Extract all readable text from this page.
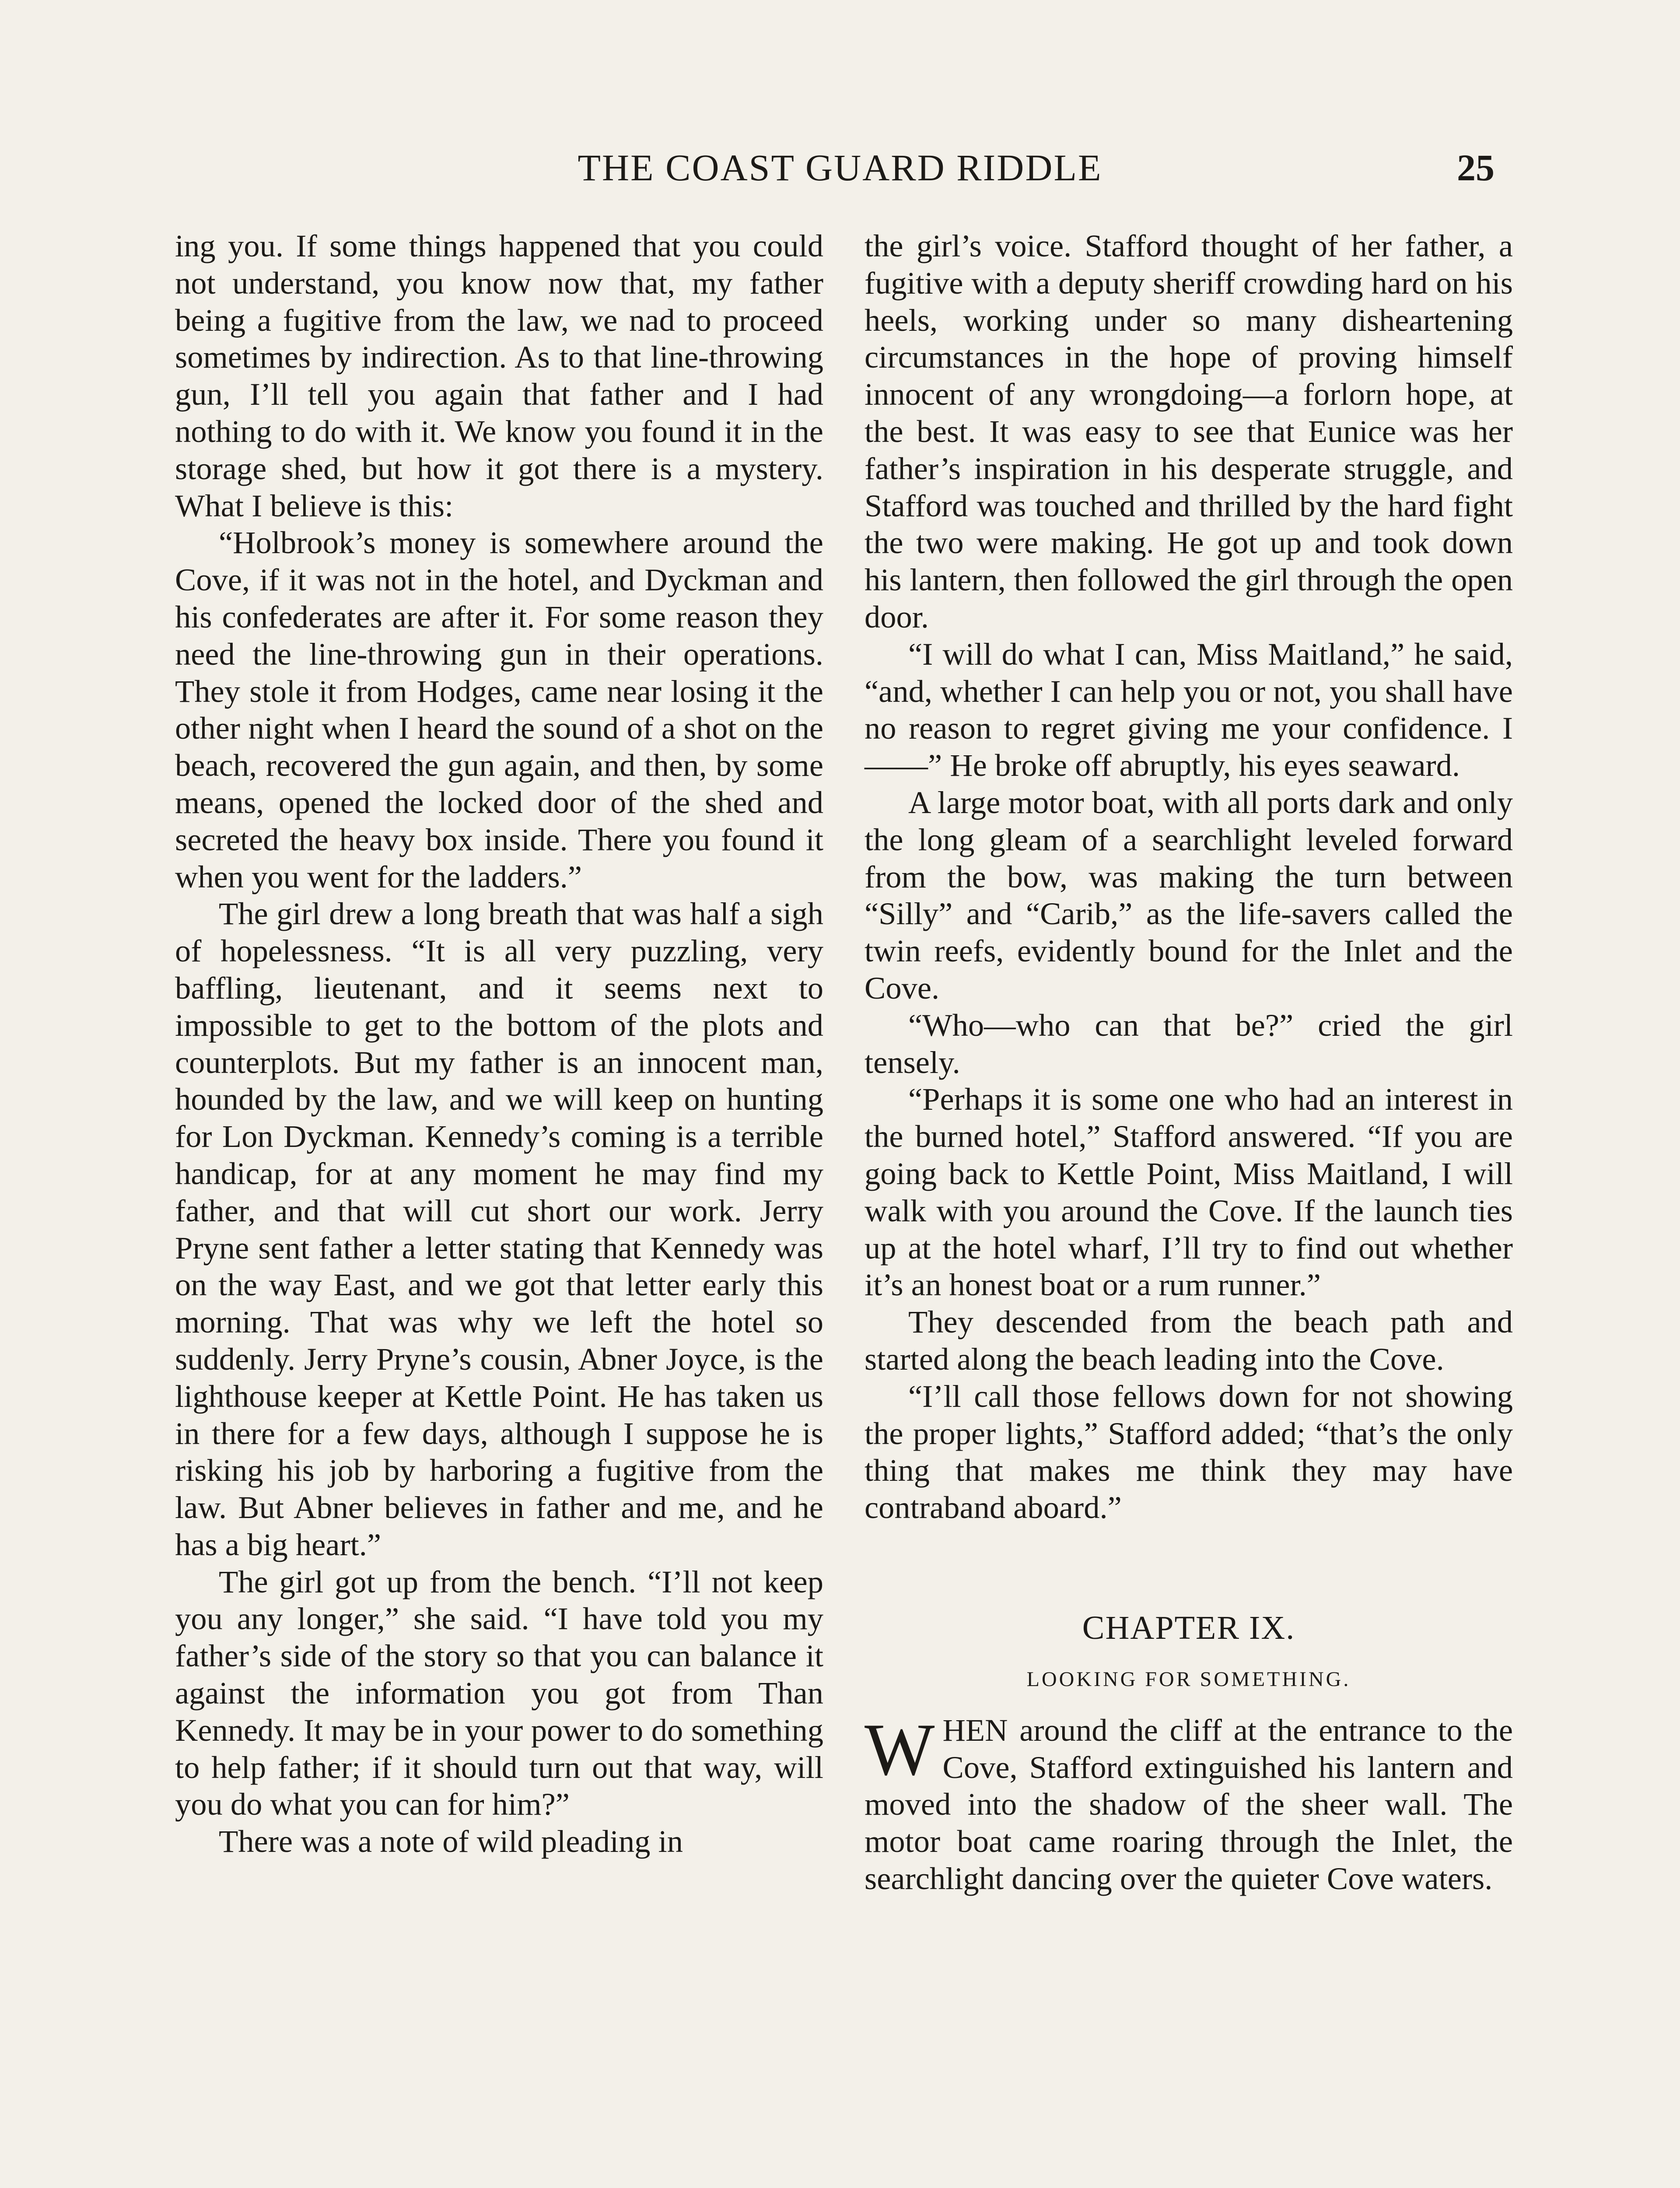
THE COAST GUARD RIDDLE	25

ing you. If some things happened that you could not understand, you know now that, my father being a fugitive from the law, we nad to proceed sometimes by indirection. As to that line-throwing gun, I’ll tell you again that father and I had nothing to do with it. We know you found it in the storage shed, but how it got there is a mystery. What I believe is this:

“Holbrook’s money is somewhere around the Cove, if it was not in the hotel, and Dyckman and his confederates are after it. For some reason they need the line-throwing gun in their operations. They stole it from Hodges, came near losing it the other night when I heard the sound of a shot on the beach, recovered the gun again, and then, by some means, opened the locked door of the shed and secreted the heavy box inside. There you found it when you went for the ladders.”

The girl drew a long breath that was half a sigh of hopelessness. “It is all very puzzling, very baffling, lieutenant, and it seems next to impossible to get to the bottom of the plots and counterplots. But my father is an innocent man, hounded by the law, and we will keep on hunting for Lon Dyckman. Kennedy’s coming is a terrible handicap, for at any moment he may find my father, and that will cut short our work. Jerry Pryne sent father a letter stating that Kennedy was on the way East, and we got that letter early this morning. That was why we left the hotel so suddenly. Jerry Pryne’s cousin, Abner Joyce, is the lighthouse keeper at Kettle Point. He has taken us in there for a few days, although I suppose he is risking his job by harboring a fugitive from the law. But Abner believes in father and me, and he has a big heart.”

The girl got up from the bench. “I’ll not keep you any longer,” she said. “I have told you my father’s side of the story so that you can balance it against the information you got from Than Kennedy. It may be in your power to do something to help father; if it should turn out that way, will you do what you can for him?”

There was a note of wild pleading in

the girl’s voice. Stafford thought of her father, a fugitive with a deputy sheriff crowding hard on his heels, working under so many disheartening circumstances in the hope of proving himself innocent of any wrongdoing—a forlorn hope, at the best. It was easy to see that Eunice was her father’s inspiration in his desperate struggle, and Stafford was touched and thrilled by the hard fight the two were making. He got up and took down his lantern, then followed the girl through the open door.

“I will do what I can, Miss Maitland,” he said, “and, whether I can help you or not, you shall have no reason to regret giving me your confidence. I——” He broke off abruptly, his eyes seaward.

A large motor boat, with all ports dark and only the long gleam of a searchlight leveled forward from the bow, was making the turn between “Silly” and “Carib,” as the life-savers called the twin reefs, evidently bound for the Inlet and the Cove.

“Who—who can that be?” cried the girl tensely.

“Perhaps it is some one who had an interest in the burned hotel,” Stafford answered. “If you are going back to Kettle Point, Miss Maitland, I will walk with you around the Cove. If the launch ties up at the hotel wharf, I’ll try to find out whether it’s an honest boat or a rum runner.”

They descended from the beach path and started along the beach leading into the Cove.

“I’ll call those fellows down for not showing the proper lights,” Stafford added; “that’s the only thing that makes me think they may have contraband aboard.”

CHAPTER IX.
LOOKING FOR SOMETHING.

WHEN around the cliff at the entrance to the Cove, Stafford extinguished his lantern and moved into the shadow of the sheer wall. The motor boat came roaring through the Inlet, the searchlight dancing over the quieter Cove waters.
